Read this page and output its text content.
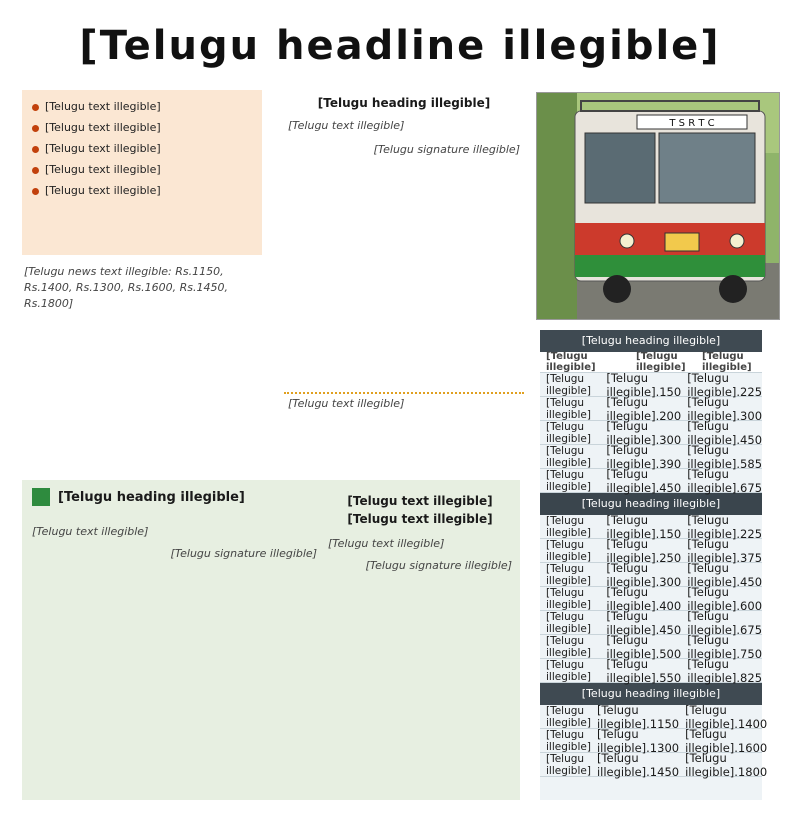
[Telugu headline illegible]
[Telugu text illegible]
[Telugu text illegible]
[Telugu text illegible]
[Telugu text illegible]
[Telugu text illegible]
[Telugu news text illegible: Rs.1150, Rs.1400, Rs.1300, Rs.1600, Rs.1450, Rs.1800]
[Telugu heading illegible]
[Telugu text illegible]
[Telugu signature illegible]
[Telugu text illegible]
T S R T C
[Telugu heading illegible]
[Telugu illegible]
[Telugu illegible]
[Telugu illegible]
[Telugu illegible]
[Telugu illegible].150
[Telugu illegible].225
[Telugu illegible]
[Telugu illegible].200
[Telugu illegible].300
[Telugu illegible]
[Telugu illegible].300
[Telugu illegible].450
[Telugu illegible]
[Telugu illegible].390
[Telugu illegible].585
[Telugu illegible]
[Telugu illegible].450
[Telugu illegible].675
[Telugu heading illegible]
[Telugu illegible]
[Telugu illegible].150
[Telugu illegible].225
[Telugu illegible]
[Telugu illegible].250
[Telugu illegible].375
[Telugu illegible]
[Telugu illegible].300
[Telugu illegible].450
[Telugu illegible]
[Telugu illegible].400
[Telugu illegible].600
[Telugu illegible]
[Telugu illegible].450
[Telugu illegible].675
[Telugu illegible]
[Telugu illegible].500
[Telugu illegible].750
[Telugu illegible]
[Telugu illegible].550
[Telugu illegible].825
[Telugu heading illegible]
[Telugu illegible]
[Telugu illegible].1150
[Telugu illegible].1400
[Telugu illegible]
[Telugu illegible].1300
[Telugu illegible].1600
[Telugu illegible]
[Telugu illegible].1450
[Telugu illegible].1800
[Telugu heading illegible]
[Telugu text illegible]
[Telugu signature illegible]
[Telugu text illegible]
[Telugu text illegible]
[Telugu text illegible]
[Telugu signature illegible]
